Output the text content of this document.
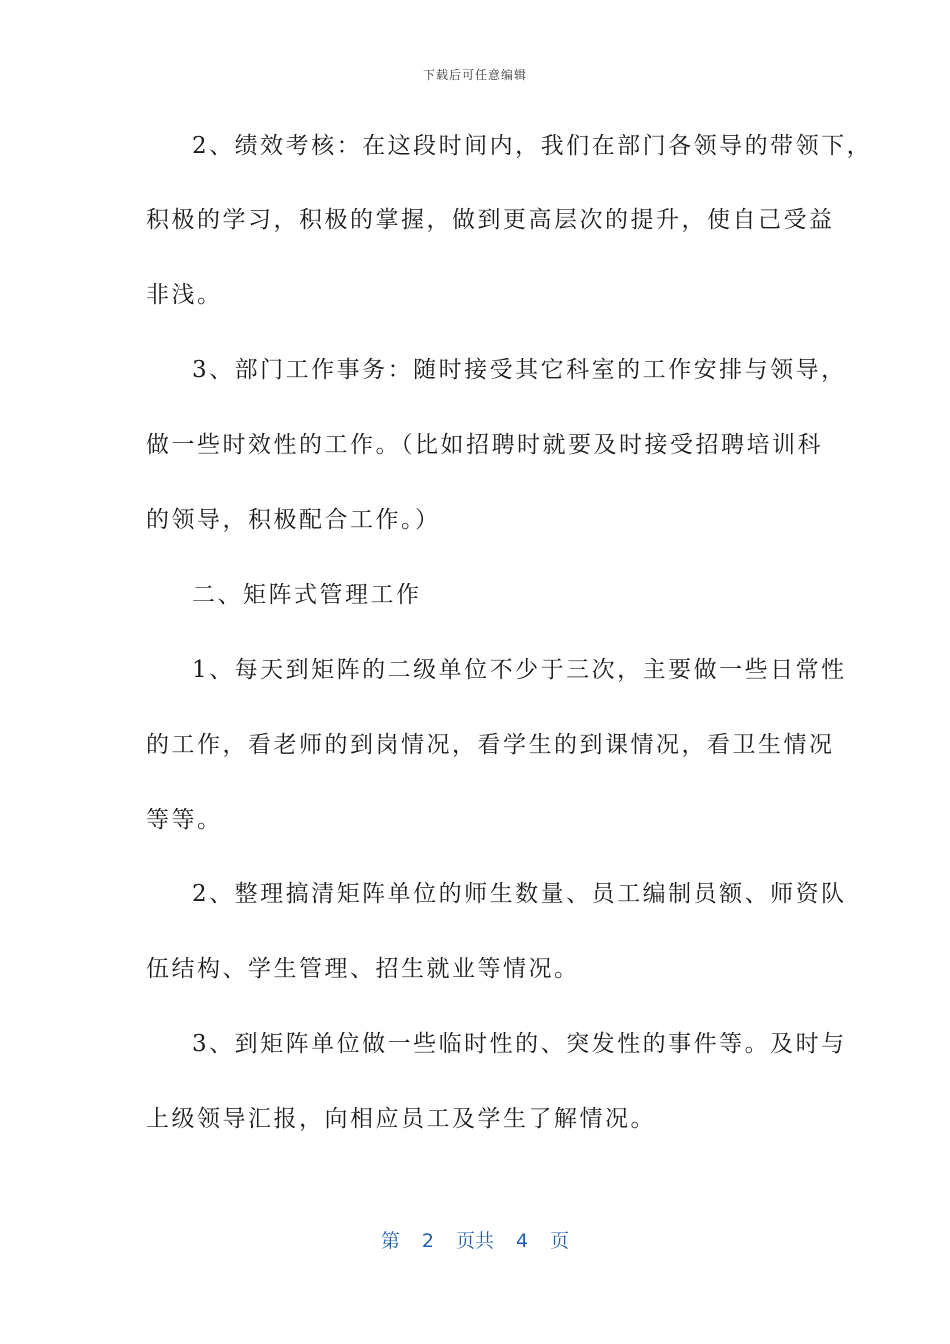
下载后可任意编辑
2、绩效考核：在这段时间内，我们在部门各领导的带领下，
积极的学习，积极的掌握，做到更高层次的提升，使自己受益
非浅。
3、部门工作事务：随时接受其它科室的工作安排与领导，
做一些时效性的工作。（比如招聘时就要及时接受招聘培训科
的领导，积极配合工作。）
二、矩阵式管理工作
1、每天到矩阵的二级单位不少于三次，主要做一些日常性
的工作，看老师的到岗情况，看学生的到课情况，看卫生情况
等等。
2、整理搞清矩阵单位的师生数量、员工编制员额、师资队
伍结构、学生管理、招生就业等情况。
3、到矩阵单位做一些临时性的、突发性的事件等。及时与
上级领导汇报，向相应员工及学生了解情况。
第 2 页共 4 页
